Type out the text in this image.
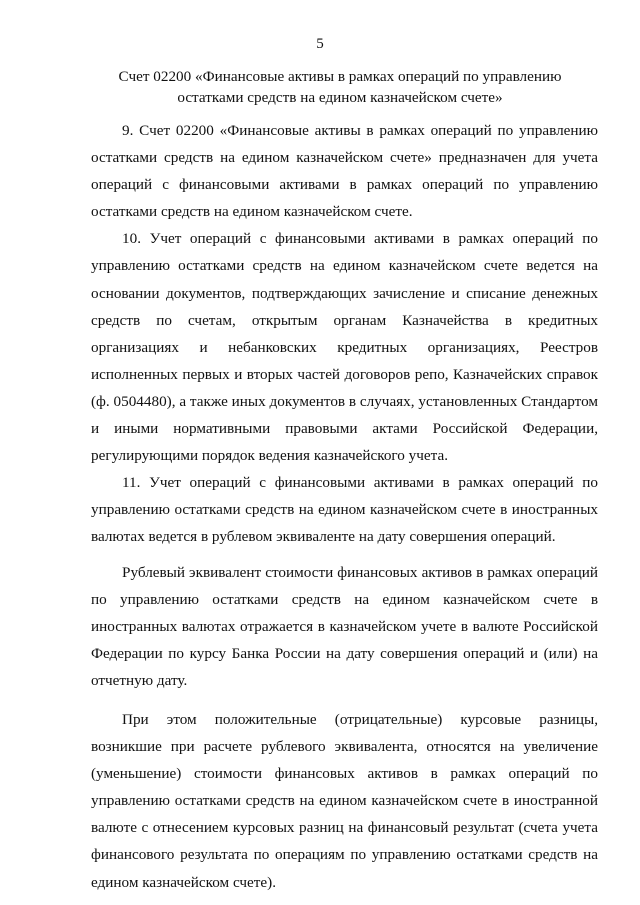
5
Счет 02200 «Финансовые активы в рамках операций по управлению
остатками средств на едином казначейском счете»

9. Счет 02200 «Финансовые активы в рамках операций по управлению остатками средств на едином казначейском счете» предназначен для учета операций с финансовыми активами в рамках операций по управлению остатками средств на едином казначейском счете.

10. Учет операций с финансовыми активами в рамках операций по управлению остатками средств на едином казначейском счете ведется на основании документов, подтверждающих зачисление и списание денежных средств по счетам, открытым органам Казначейства в кредитных организациях и небанковских кредитных организациях, Реестров исполненных первых и вторых частей договоров репо, Казначейских справок (ф. 0504480), а также иных документов в случаях, установленных Стандартом и иными нормативными правовыми актами Российской Федерации, регулирующими порядок ведения казначейского учета.

11. Учет операций с финансовыми активами в рамках операций по управлению остатками средств на едином казначейском счете в иностранных валютах ведется в рублевом эквиваленте на дату совершения операций.

Рублевый эквивалент стоимости финансовых активов в рамках операций по управлению остатками средств на едином казначейском счете в иностранных валютах отражается в казначейском учете в валюте Российской Федерации по курсу Банка России на дату совершения операций и (или) на отчетную дату.

При этом положительные (отрицательные) курсовые разницы, возникшие при расчете рублевого эквивалента, относятся на увеличение (уменьшение) стоимости финансовых активов в рамках операций по управлению остатками средств на едином казначейском счете в иностранной валюте с отнесением курсовых разниц на финансовый результат (счета учета финансового результата по операциям по управлению остатками средств на едином казначейском счете).
